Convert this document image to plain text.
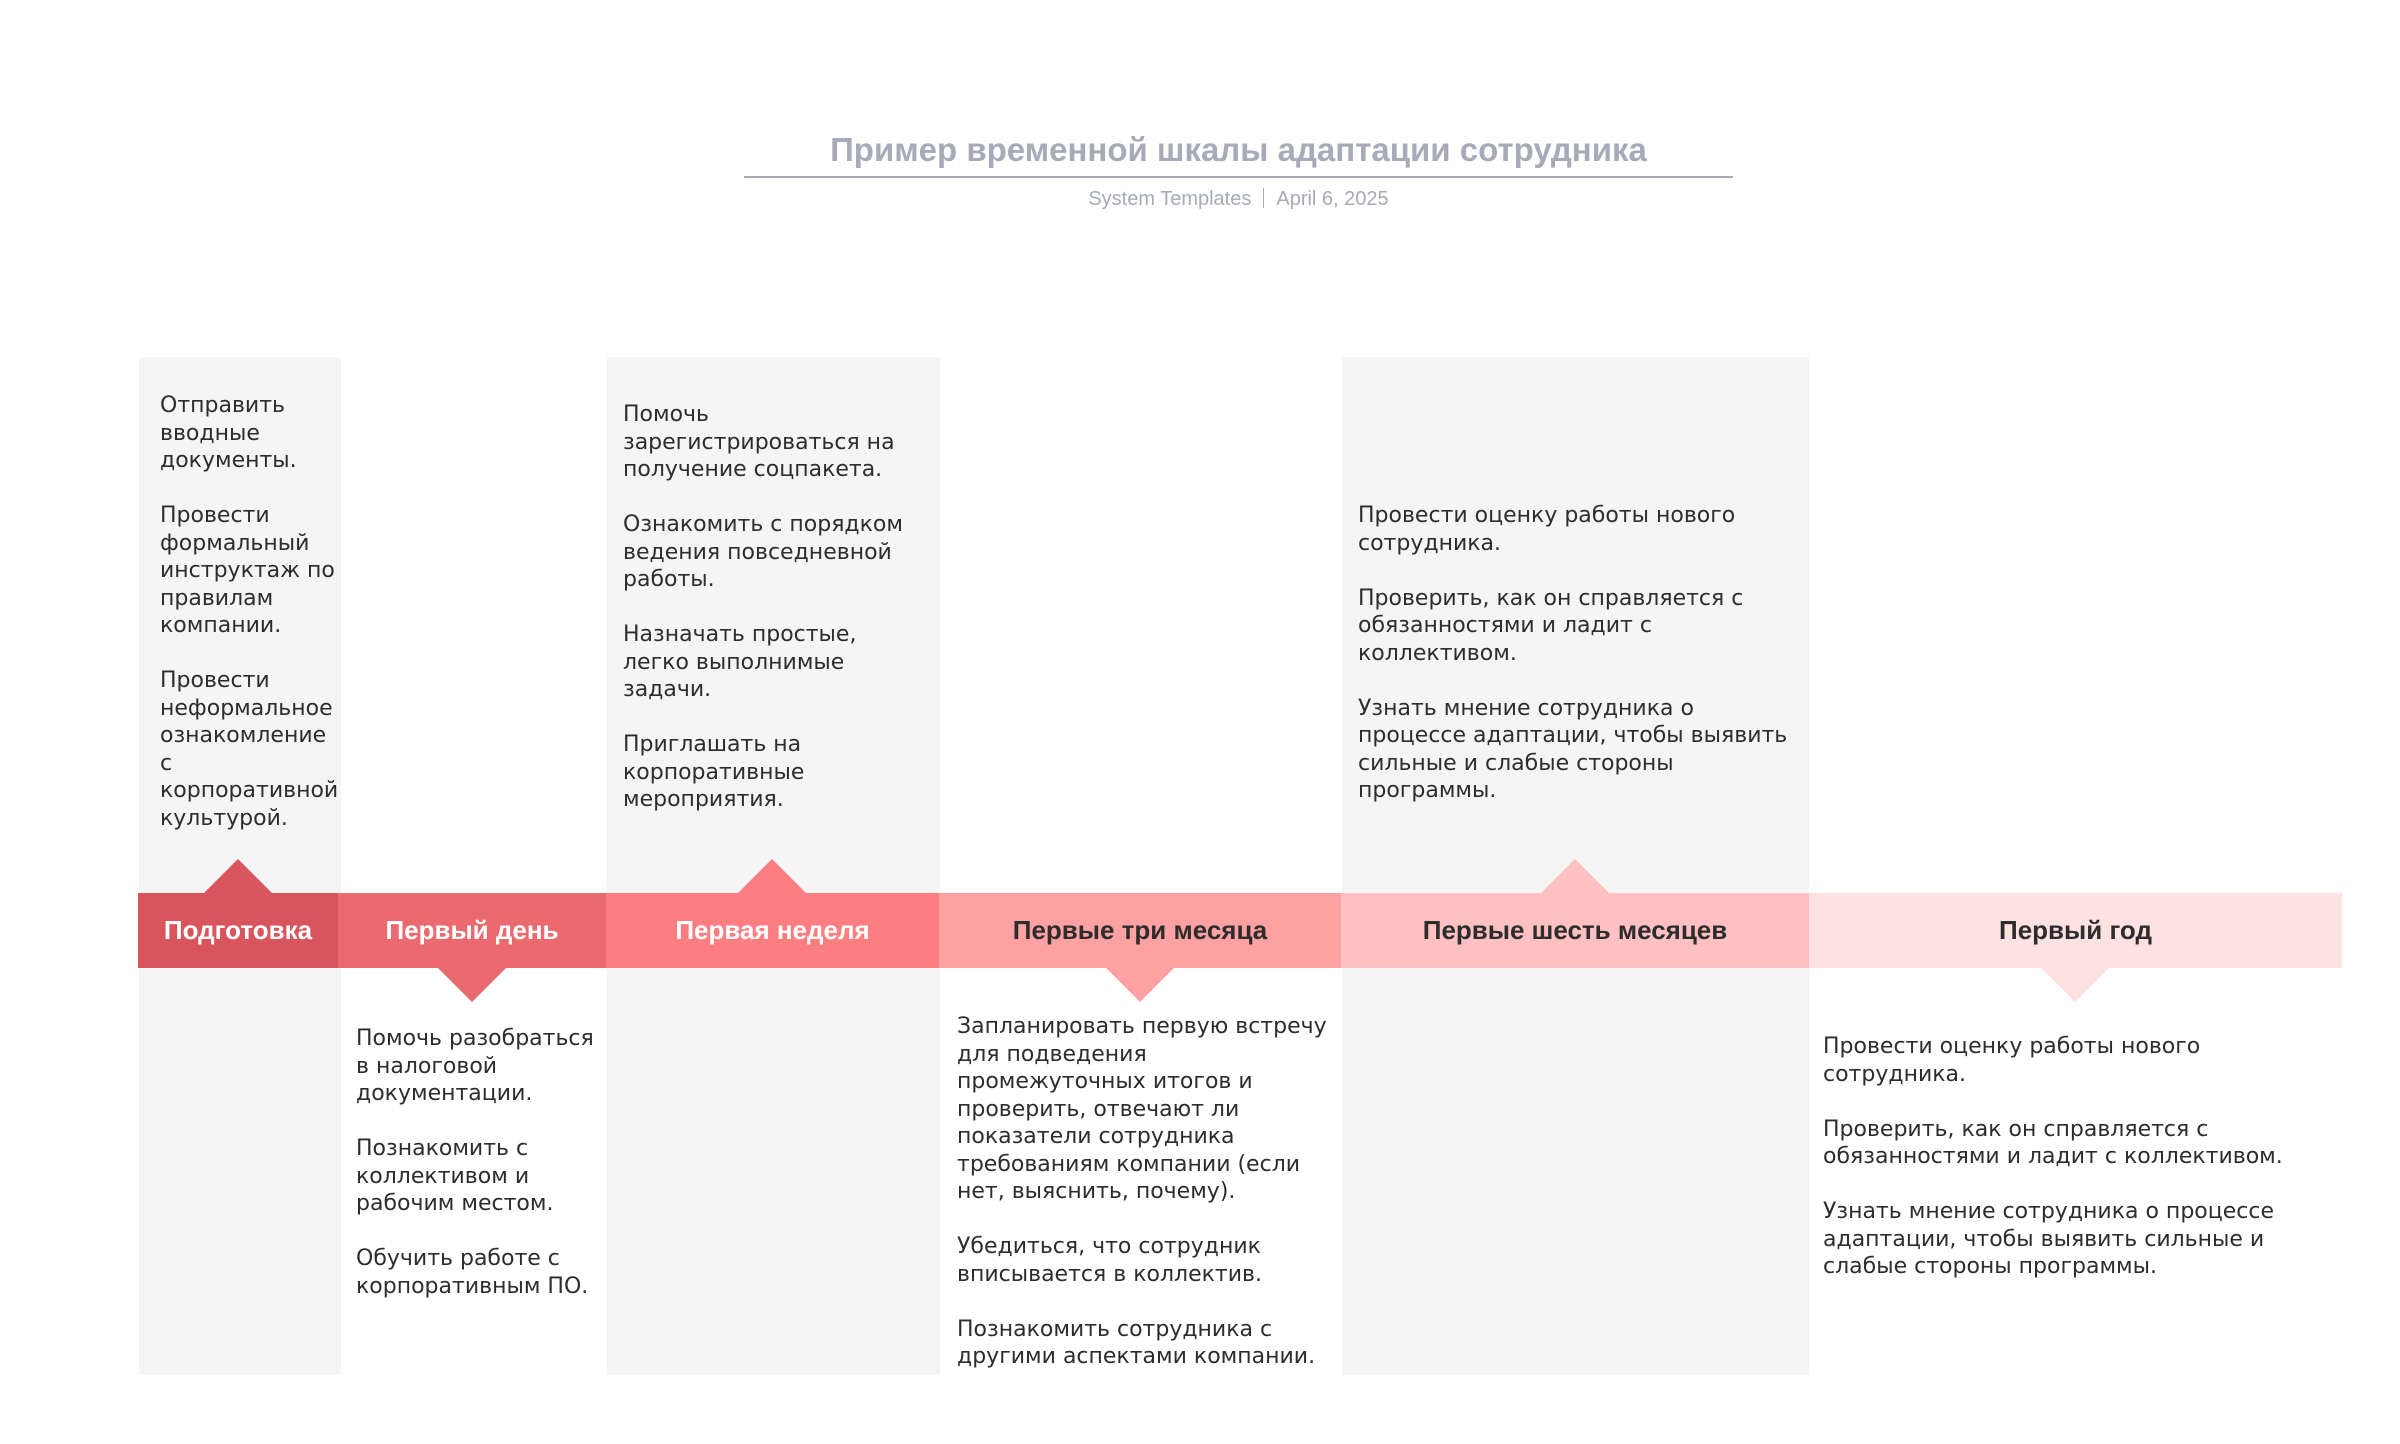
Пример временной шкалы адаптации сотрудника
System Templates April 6, 2025
Подготовка	Первый день	Первая неделя	Первые три месяца	Первые шесть месяцев	Первый год

Отправить вводные документы.

Провести формальный инструктаж по правилам компании.

Провести неформальное ознакомление с корпоративной культурой.

Помочь разобраться в налоговой документации.

Познакомить с коллективом и рабочим местом.

Обучить работе с корпоративным ПО.

Помочь зарегистрироваться на получение соцпакета.

Ознакомить с порядком ведения повседневной работы.

Назначать простые, легко выполнимые задачи.

Приглашать на корпоративные мероприятия.

Запланировать первую встречу для подведения промежуточных итогов и проверить, отвечают ли показатели сотрудника требованиям компании (если нет, выяснить, почему).

Убедиться, что сотрудник вписывается в коллектив.

Познакомить сотрудника с другими аспектами компании.

Провести оценку работы нового сотрудника.

Проверить, как он справляется с обязанностями и ладит с коллективом.

Узнать мнение сотрудника о процессе адаптации, чтобы выявить сильные и слабые стороны программы.

Провести оценку работы нового сотрудника.

Проверить, как он справляется с обязанностями и ладит с коллективом.

Узнать мнение сотрудника о процессе адаптации, чтобы выявить сильные и слабые стороны программы.
